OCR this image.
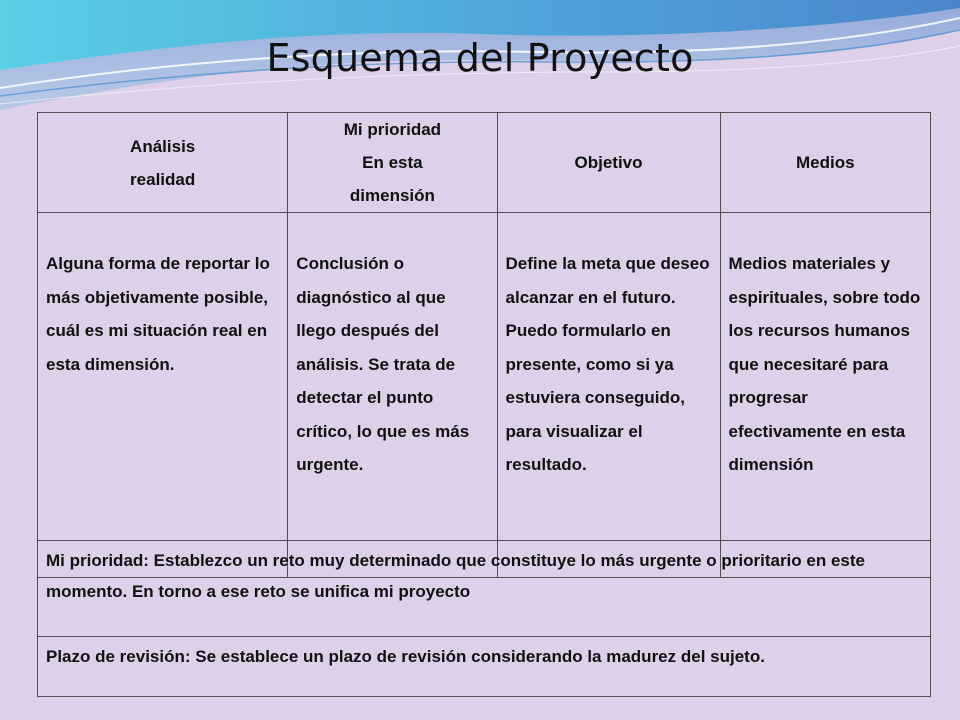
Esquema del Proyecto
Análisis
realidad	Mi prioridad
En esta
dimensión	Objetivo	Medios

Alguna forma de reportar lo más objetivamente posible, cuál es mi situación real en esta dimensión.	Conclusión o diagnóstico al que llego después del análisis. Se trata de detectar el punto crítico, lo que es más urgente.	Define la meta que deseo alcanzar en el futuro. Puedo formularlo en presente, como si ya estuviera conseguido, para visualizar el resultado.	Medios materiales y espirituales, sobre todo los recursos humanos que necesitaré para progresar efectivamente en esta dimensión
Mi prioridad: Establezco un reto muy determinado que constituye lo más urgente o prioritario en este momento. En torno a ese reto se unifica mi proyecto
Plazo de revisión: Se establece un plazo de revisión considerando la madurez del sujeto.
